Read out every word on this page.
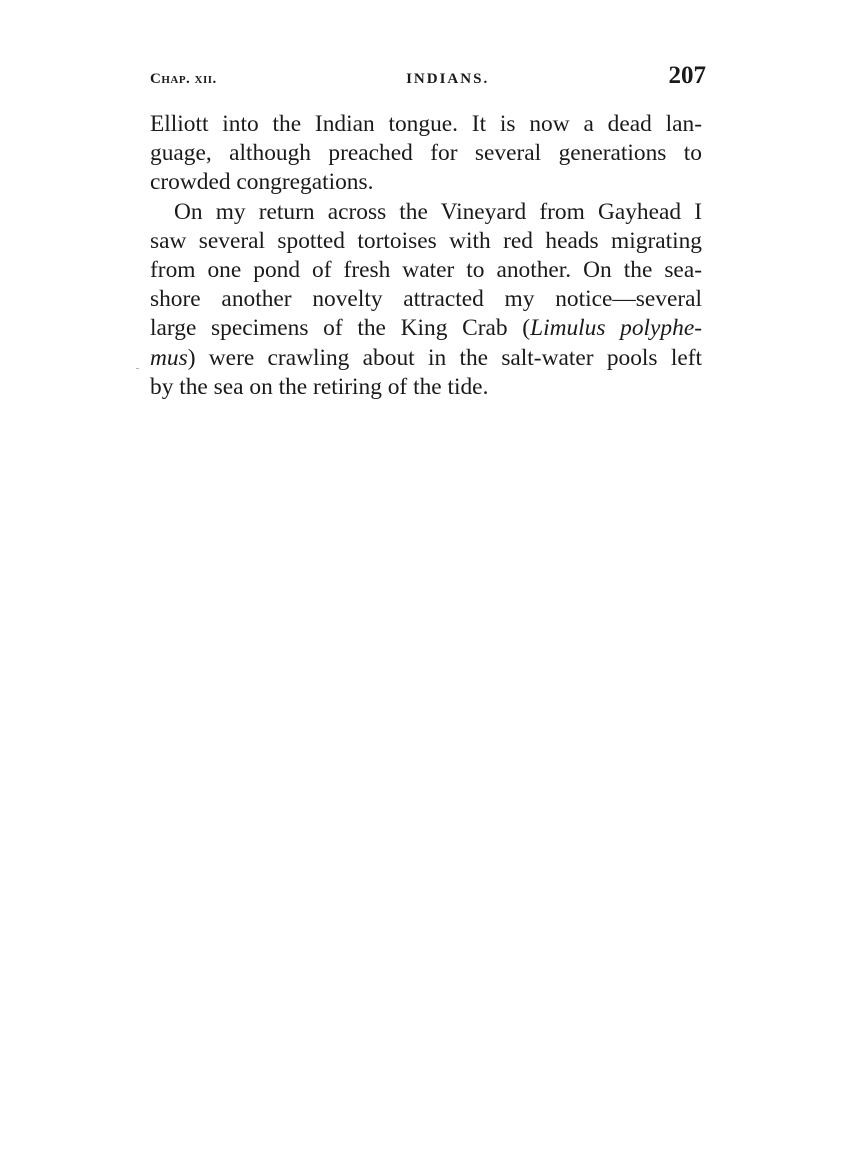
Chap. xii.	INDIANS.	207

Elliott into the Indian tongue. It is now a dead lan-
guage, although preached for several generations to
crowded congregations.

On my return across the Vineyard from Gayhead I
saw several spotted tortoises with red heads migrating
from one pond of fresh water to another. On the sea-
shore another novelty attracted my notice—several
large specimens of the King Crab (Limulus polyphe-
mus) were crawling about in the salt-water pools left
by the sea on the retiring of the tide.
